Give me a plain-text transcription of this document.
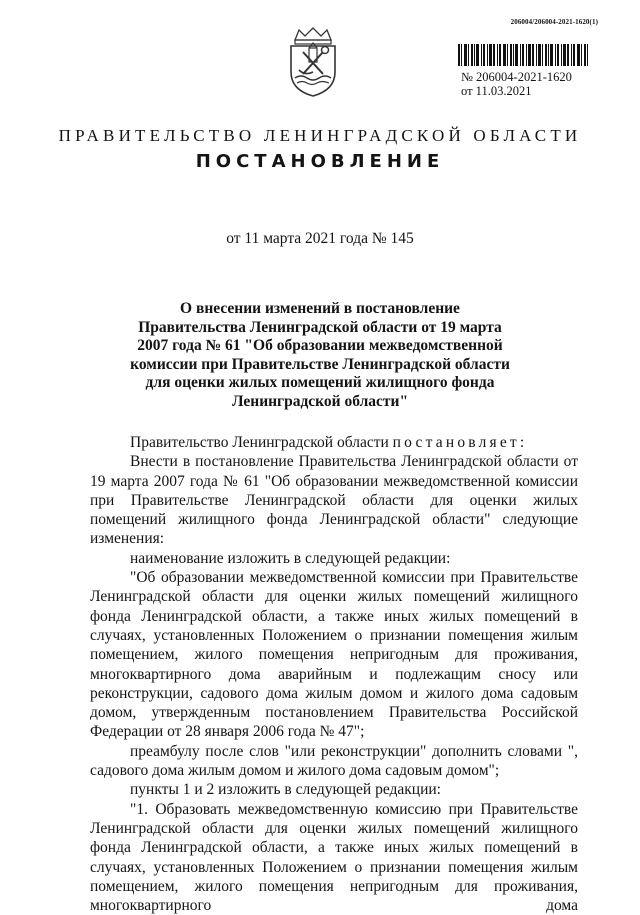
206004/206004-2021-1620(1)
№ 206004-2021-1620
от 11.03.2021
ПРАВИТЕЛЬСТВО ЛЕНИНГРАДСКОЙ ОБЛАСТИ
ПОСТАНОВЛЕНИЕ
от 11 марта 2021 года № 145
О внесении изменений в постановление Правительства Ленинградской области от 19 марта 2007 года № 61 "Об образовании межведомственной комиссии при Правительстве Ленинградской области для оценки жилых помещений жилищного фонда Ленинградской области"

Правительство Ленинградской области постановляет:

Внести в постановление Правительства Ленинградской области от 19 марта 2007 года № 61 "Об образовании межведомственной комиссии при Правительстве Ленинградской области для оценки жилых помещений жилищного фонда Ленинградской области" следующие изменения:

наименование изложить в следующей редакции:

"Об образовании межведомственной комиссии при Правительстве Ленинградской области для оценки жилых помещений жилищного фонда Ленинградской области, а также иных жилых помещений в случаях, установленных Положением о признании помещения жилым помещением, жилого помещения непригодным для проживания, многоквартирного дома аварийным и подлежащим сносу или реконструкции, садового дома жилым домом и жилого дома садовым домом, утвержденным постановлением Правительства Российской Федерации от 28 января 2006 года № 47";

преамбулу после слов "или реконструкции" дополнить словами ", садового дома жилым домом и жилого дома садовым домом";

пункты 1 и 2 изложить в следующей редакции:

"1. Образовать межведомственную комиссию при Правительстве Ленинградской области для оценки жилых помещений жилищного фонда Ленинградской области, а также иных жилых помещений в случаях, установленных Положением о признании помещения жилым помещением, жилого помещения непригодным для проживания, многоквартирного дома
